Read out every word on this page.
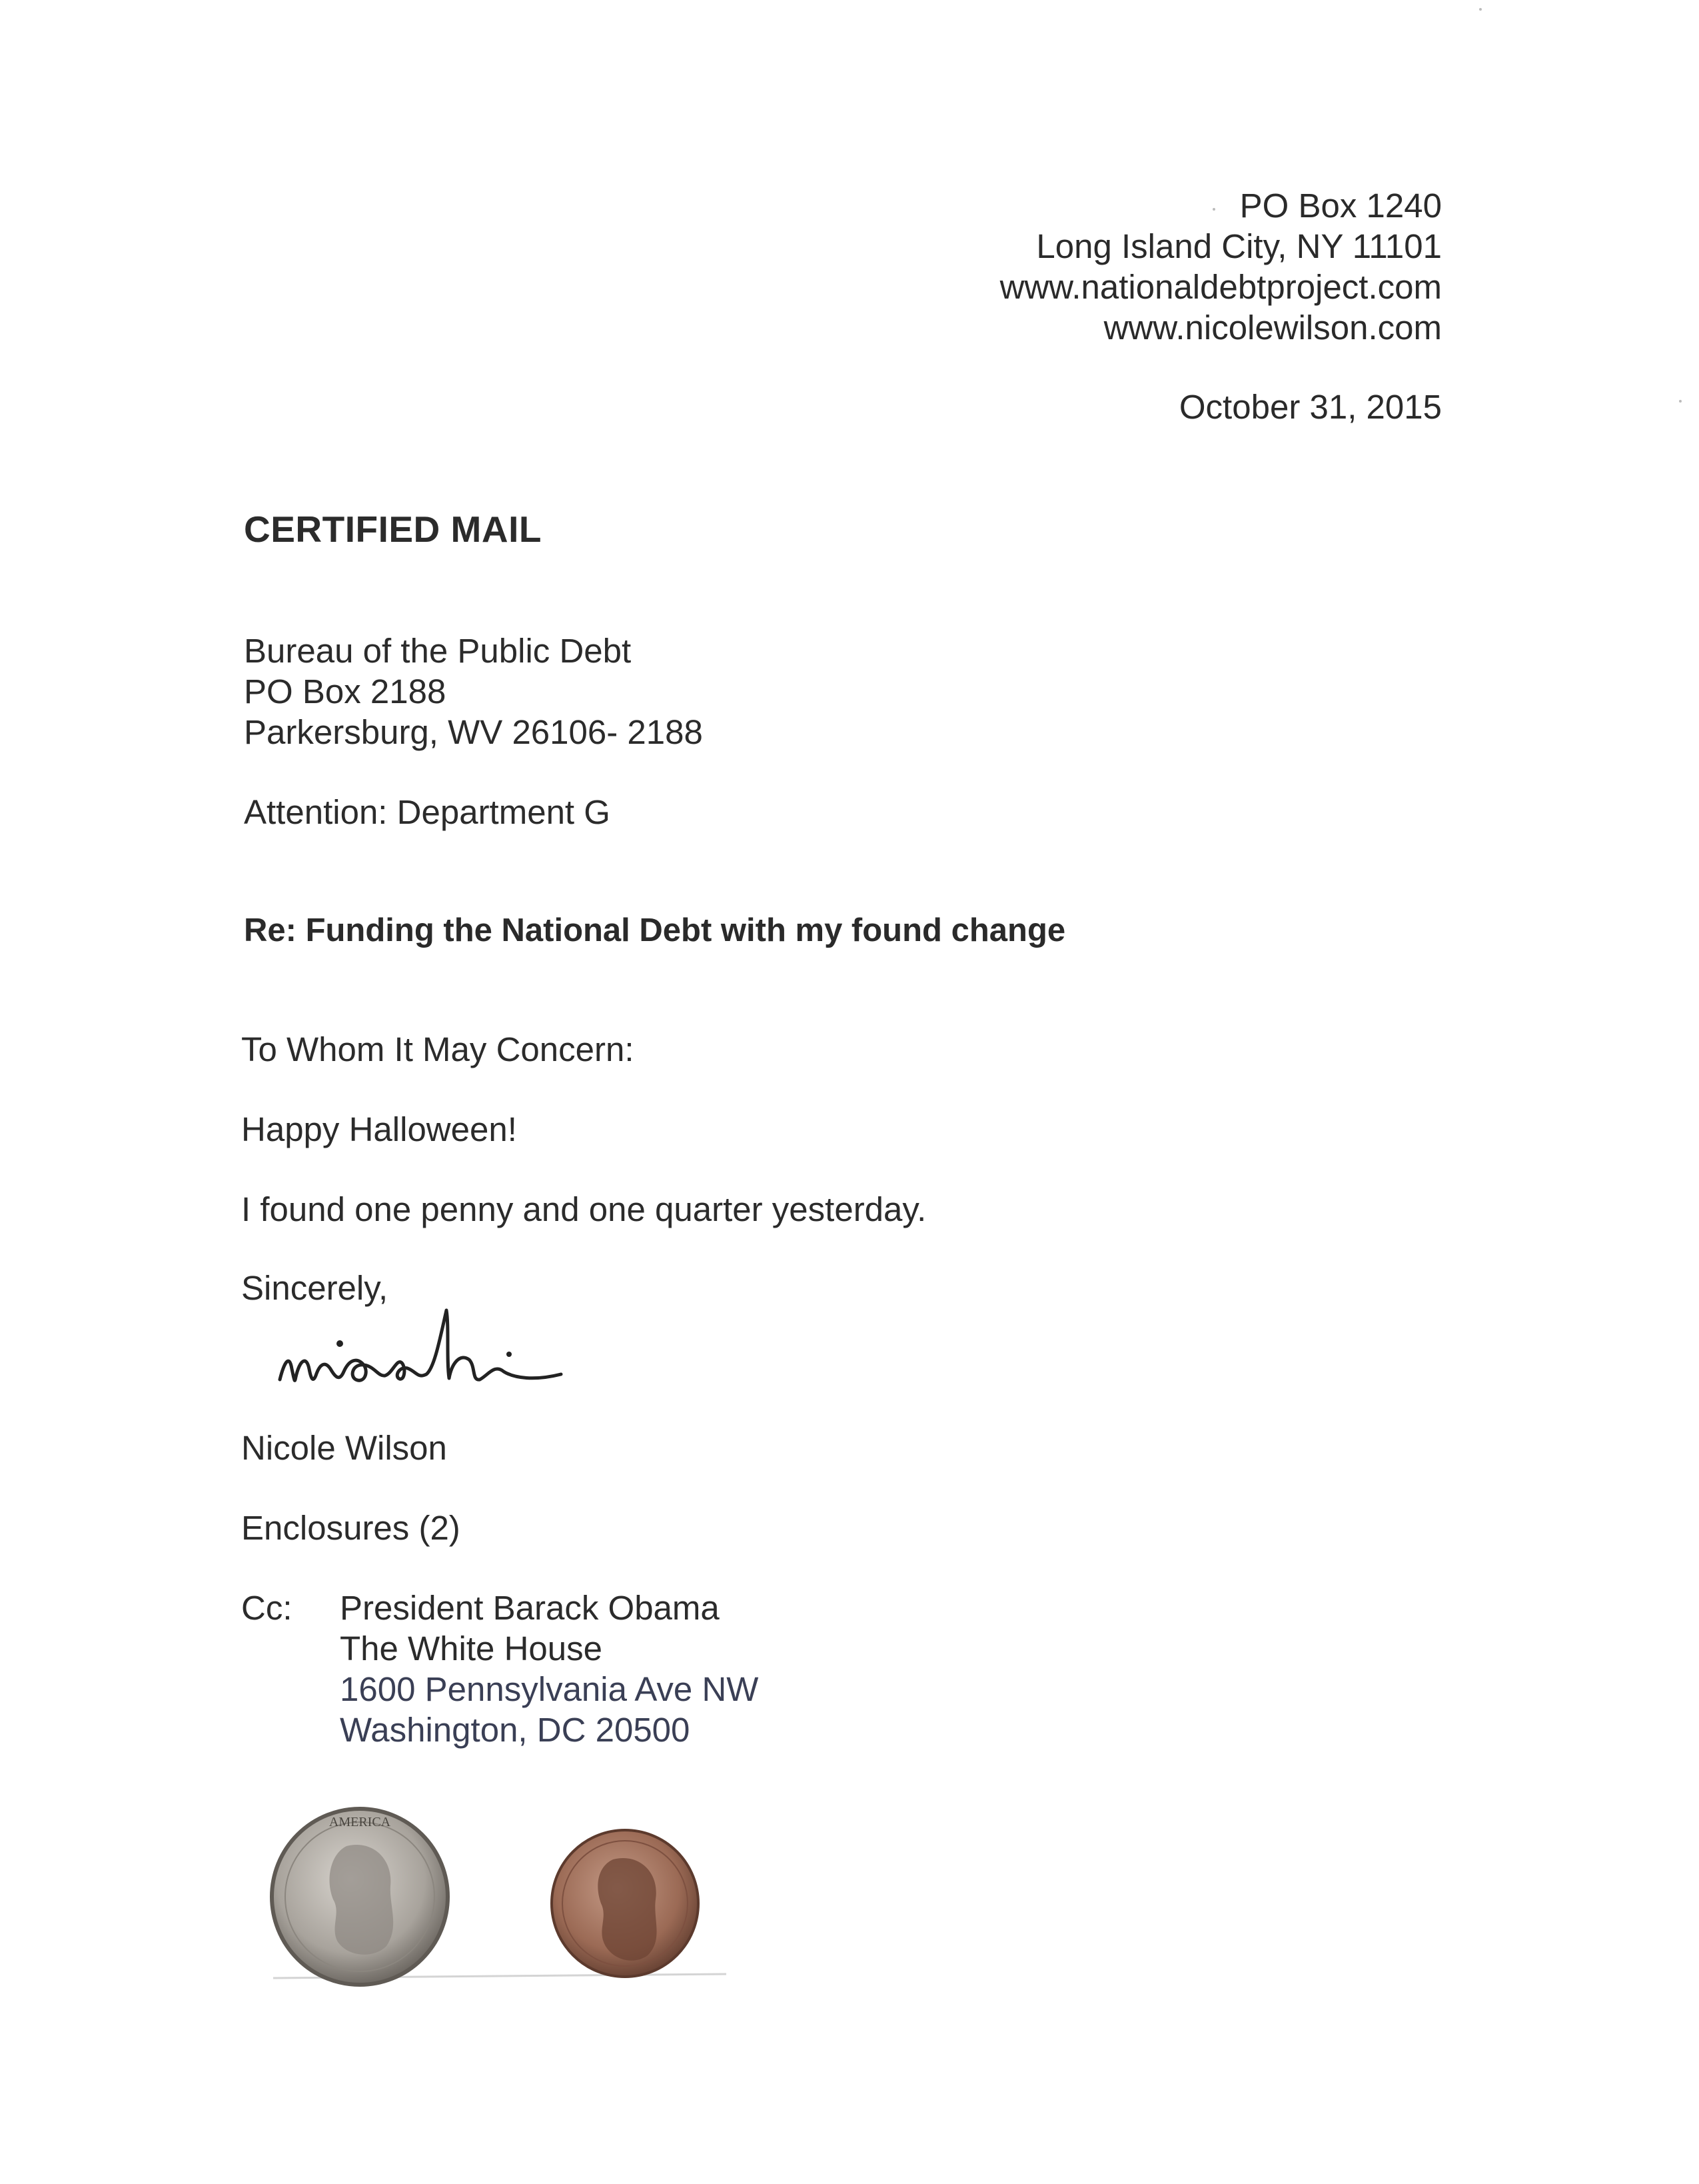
PO Box 1240
Long Island City, NY 11101
www.nationaldebtproject.com
www.nicolewilson.com
October 31, 2015
CERTIFIED MAIL
Bureau of the Public Debt
PO Box 2188
Parkersburg, WV 26106- 2188
Attention: Department G
Re: Funding the National Debt with my found change
To Whom It May Concern:
Happy Halloween!
I found one penny and one quarter yesterday.
Sincerely,
Nicole Wilson
Enclosures (2)
Cc: President Barack Obama
The White House
1600 Pennsylvania Ave NW
Washington, DC 20500
AMERICA
